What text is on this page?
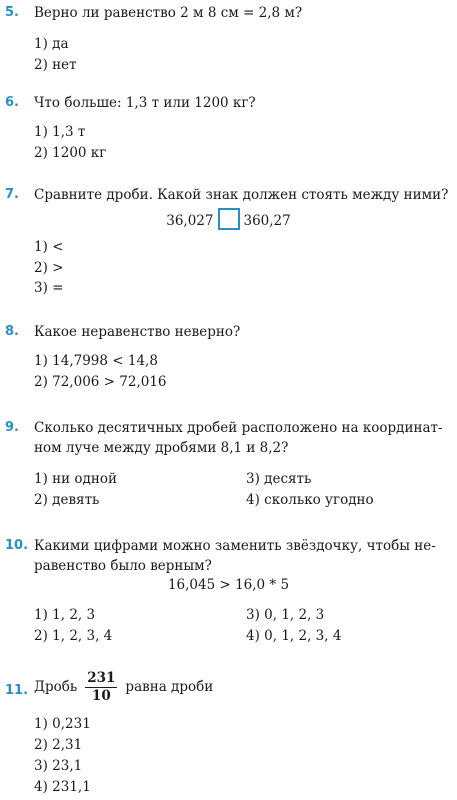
5.	Верно ли равенство 2 м 8 см = 2,8 м?
1) да
2) нет
6.	Что больше: 1,3 т или 1200 кг?
1) 1,3 т
2) 1200 кг
7.	Сравните дроби. Какой знак должен стоять между ними?
36,027 360,27
1) <
2) >
3) =
8.	Какое неравенство неверно?
1) 14,7998 < 14,8
2) 72,006 > 72,016
9.	Сколько десятичных дробей расположено на координат-
ном луче между дробями 8,1 и 8,2?
1) ни одной
2) девять
3) десять
4) сколько угодно
10. Какими цифрами можно заменить звёздочку, чтобы не-
равенство было верным?
16,045 > 16,0 * 5
1) 1, 2, 3
2) 1, 2, 3, 4
3) 0, 1, 2, 3
4) 0, 1, 2, 3, 4
11. Дробь $\frac{231}{10}$ равна дроби
1) 0,231
2) 2,31
3) 23,1
4) 231,1
